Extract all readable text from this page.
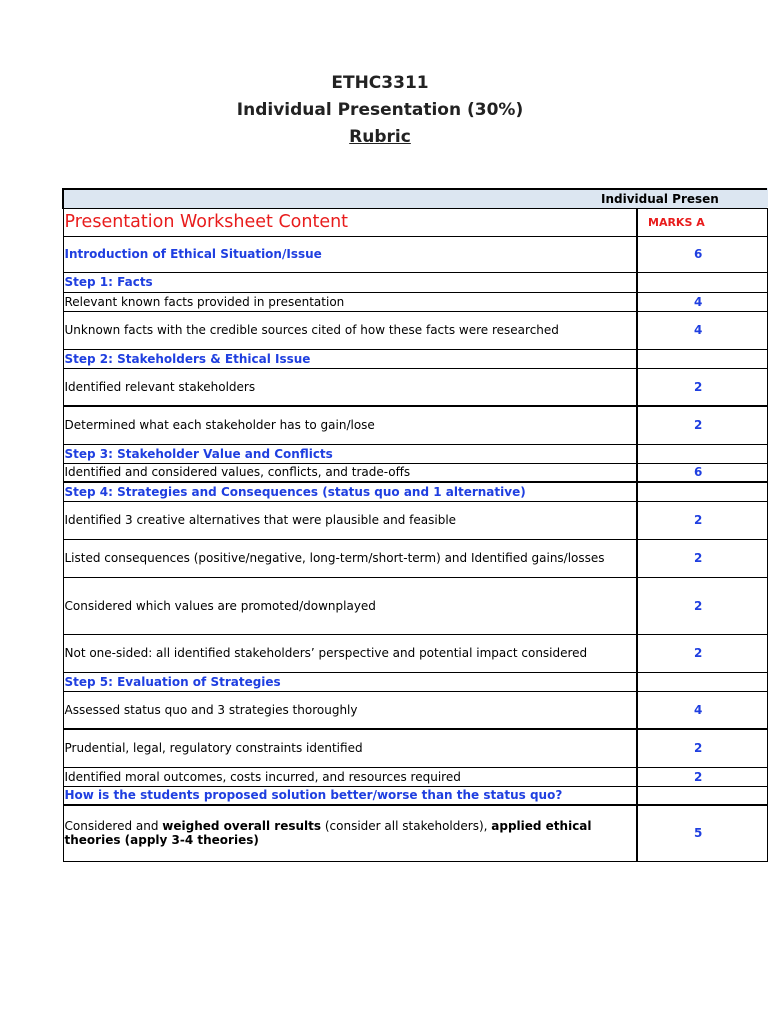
ETHC3311
Individual Presentation (30%)
Rubric
Individual Presen	
Presentation Worksheet Content	MARKS A
Introduction of Ethical Situation/Issue	6
Step 1: Facts	
Relevant known facts provided in presentation	4
Unknown facts with the credible sources cited of how these facts were researched	4
Step 2: Stakeholders & Ethical Issue	
Identified relevant stakeholders	2
Determined what each stakeholder has to gain/lose	2
Step 3: Stakeholder Value and Conflicts	
Identified and considered values, conflicts, and trade-offs	6
Step 4: Strategies and Consequences (status quo and 1 alternative)	
Identified 3 creative alternatives that were plausible and feasible	2
Listed consequences (positive/negative, long-term/short-term) and Identified gains/losses	2
Considered which values are promoted/downplayed	2
Not one-sided: all identified stakeholders’ perspective and potential impact considered	2
Step 5: Evaluation of Strategies	
Assessed status quo and 3 strategies thoroughly	4
Prudential, legal, regulatory constraints identified	2
Identified moral outcomes, costs incurred, and resources required	2
How is the students proposed solution better/worse than the status quo?	
Considered and weighed overall results (consider all stakeholders), applied ethical theories (apply 3-4 theories)	5
